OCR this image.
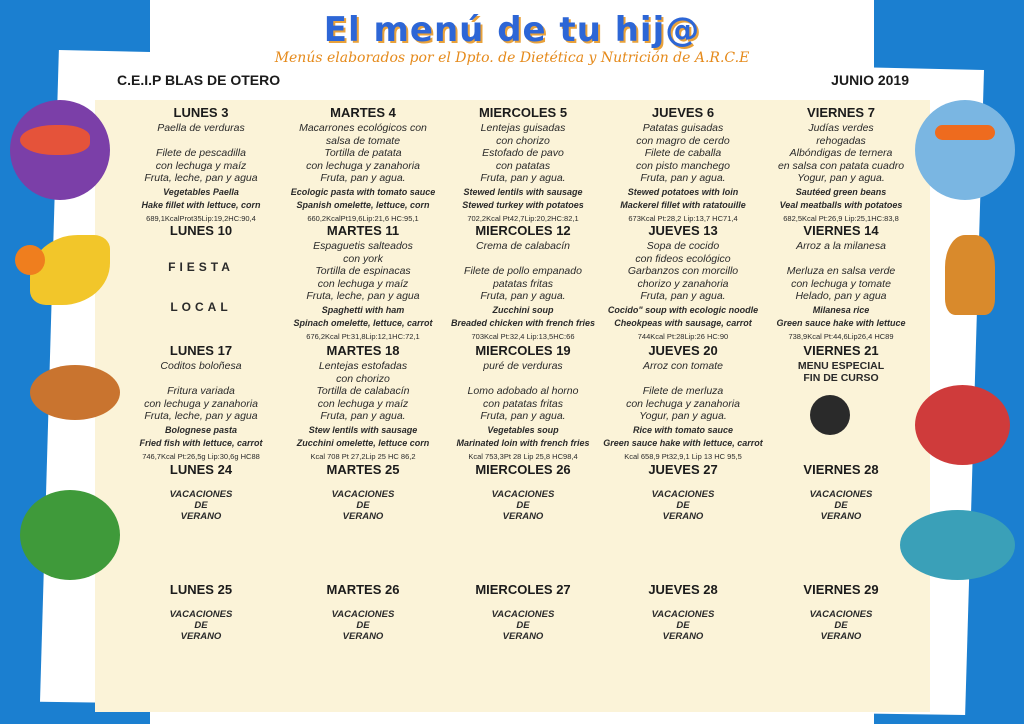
El menú de tu hij@
Menús elaborados por el Dpto. de Dietética y Nutrición de A.R.C.E
C.E.I.P BLAS DE OTERO	JUNIO 2019
LUNES 3
Paella de verduras

Filete de pescadilla
con lechuga y maíz
Fruta, leche, pan y agua
Vegetables Paella
Hake fillet with lettuce, corn
689,1KcalProt35Lip:19,2HC:90,4
MARTES 4
Macarrones ecológicos con
salsa de tomate
Tortilla de patata
con lechuga y zanahoria
Fruta, pan y agua.
Ecologic pasta with tomato sauce
Spanish omelette, lettuce, corn
660,2KcalPt19,6Lip:21,6 HC:95,1
MIERCOLES 5
Lentejas guisadas
con chorizo
Estofado de pavo
con patatas
Fruta, pan y agua.
Stewed lentils with sausage
Stewed turkey with potatoes
702,2Kcal Pt42,7Lip:20,2HC:82,1
JUEVES 6
Patatas guisadas
con magro de cerdo
Filete de caballa
con pisto manchego
Fruta, pan y agua.
Stewed potatoes with loin
Mackerel fillet with ratatouille
673Kcal Pt:28,2 Lip:13,7 HC71,4
VIERNES 7
Judías verdes
rehogadas
Albóndigas de ternera
en salsa con patata cuadro
Yogur, pan y agua.
Sautéed green beans
Veal meatballs with potatoes
682,5Kcal Pt:26,9 Lip:25,1HC:83,8
LUNES 10
FIESTA
LOCAL
MARTES 11
Espaguetis salteados
con york
Tortilla de espinacas
con lechuga y maíz
Fruta, leche, pan y agua
Spaghetti with ham
Spinach omelette, lettuce, carrot
676,2Kcal Pt:31,8Lip:12,1HC:72,1
MIERCOLES 12
Crema de calabacín

Filete de pollo empanado
patatas fritas
Fruta, pan y agua.
Zucchini soup
Breaded chicken with french fries
703Kcal Pt:32,4 Lip:13,5HC:66
JUEVES 13
Sopa de cocido
con fideos ecológico
Garbanzos con morcillo
chorizo y zanahoria
Fruta, pan y agua.
Cocido" soup with ecologic noodle
Cheokpeas with sausage, carrot
744Kcal Pt:28Lip:26 HC:90
VIERNES 14
Arroz a la milanesa

Merluza en salsa verde
con lechuga y tomate
Helado, pan y agua
Milanesa rice
Green sauce hake with lettuce
738,9Kcal Pt:44,6Lip26,4 HC89
LUNES 17
Coditos boloñesa

Fritura variada
con lechuga y zanahoria
Fruta, leche, pan y agua
Bolognese pasta
Fried fish with lettuce, carrot
746,7Kcal Pt:26,5g Lip:30,6g HC88
MARTES 18
Lentejas estofadas
con chorizo
Tortilla de calabacín
con lechuga y maíz
Fruta, pan y agua.
Stew lentils with sausage
Zucchini omelette, lettuce corn
Kcal 708 Pt 27,2Lip 25 HC 86,2
MIERCOLES 19
puré de verduras

Lomo adobado al horno
con patatas fritas
Fruta, pan y agua.
Vegetables soup
Marinated loin with french fries
Kcal 753,3Pt 28 Lip 25,8 HC98,4
JUEVES 20
Arroz con tomate

Filete de merluza
con lechuga y zanahoria
Yogur, pan y agua.
Rice with tomato sauce
Green sauce hake with lettuce, carrot
Kcal 658,9 Pt32,9,1 Lip 13 HC 95,5
VIERNES 21
MENU ESPECIAL
FIN DE CURSO
LUNES 24
VACACIONES
DE
VERANO
MARTES 25
VACACIONES
DE
VERANO
MIERCOLES 26
VACACIONES
DE
VERANO
JUEVES 27
VACACIONES
DE
VERANO
VIERNES 28
VACACIONES
DE
VERANO
LUNES 25
VACACIONES
DE
VERANO
MARTES 26
VACACIONES
DE
VERANO
MIERCOLES 27
VACACIONES
DE
VERANO
JUEVES 28
VACACIONES
DE
VERANO
VIERNES 29
VACACIONES
DE
VERANO
